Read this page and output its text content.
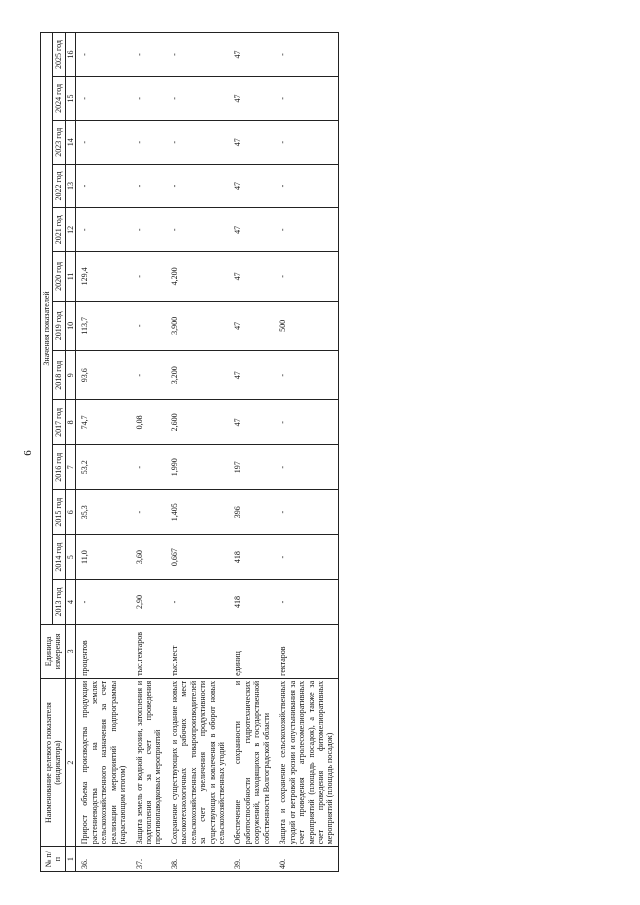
6
№ п/п	Наименование целевого показателя (индикатора)	Единица измерения	Значения показателей												
			2013 год	2014 год	2015 год	2016 год	2017 год	2018 год	2019 год	2020 год	2021 год	2022 год	2023 год	2024 год	2025 год
1	2	3	4	5	6	7	8	9	10	11	12	13	14	15	16
36.	Прирост объема производства продукции растениеводства на землях сельскохозяйственного назначения за счет реализации мероприятий подпрограммы (нарастающим итогом)	процентов	-	11,0	35,3	53,2	74,7	93,6	113,7	129,4	-	-	-	-	-
37.	Защита земель от водной эрозии, затопления и подтопления за счет проведения противопаводковых мероприятий	тыс.гектаров	2,90	3,60	-	-	0,08	-	-	-	-	-	-	-	-
38.	Сохранение существующих и создание новых высокотехнологичных рабочих мест сельскохозяйственных товаропроизводителей за счет увеличения продуктивности существующих и вовлечения в оборот новых сельскохозяйственных угодий	тыс.мест	-	0,667	1,405	1,990	2,600	3,200	3,900	4,200	-	-	-	-	-
39.	Обеспечение сохранности и работоспособности гидротехнических сооружений, находящихся в государственной собственности Волгоградской области	единиц	418	418	396	197	47	47	47	47	47	47	47	47	47
40.	Защита и сохранение сельскохозяйственных угодий от ветровой эрозии и опустынивания за счет проведения агролесомелиоративных мероприятий (площадь посадок), а также за счет проведения фитомелиоративных мероприятий (площадь посадок)	гектаров	-	-	-	-	-	-	500	-	-	-	-	-	-
